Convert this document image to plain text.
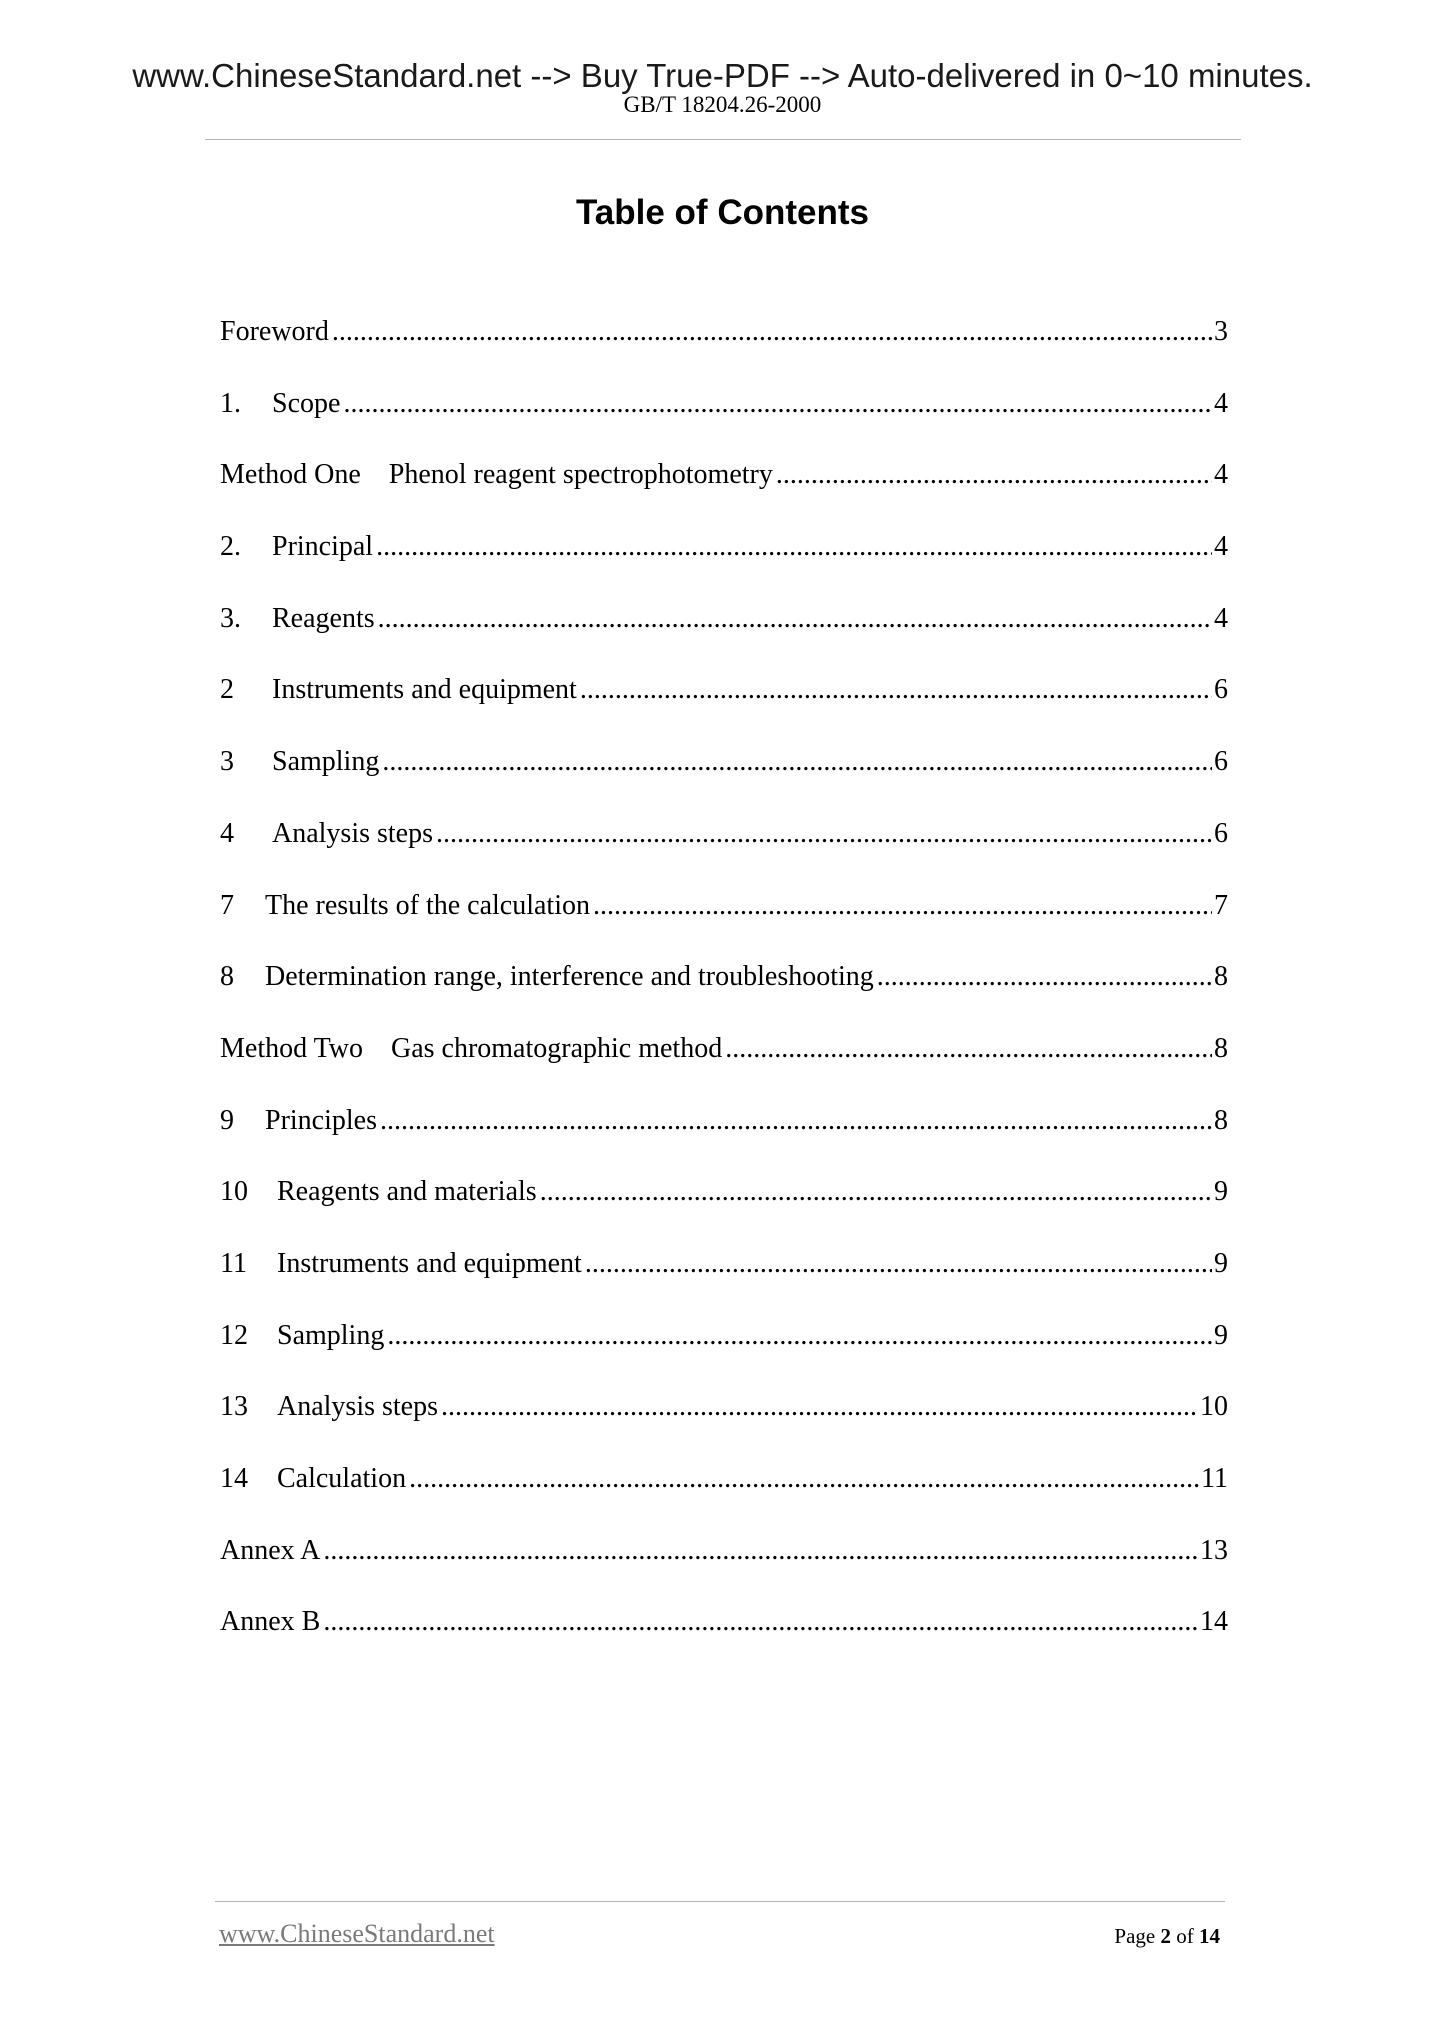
www.ChineseStandard.net --> Buy True-PDF --> Auto-delivered in 0~10 minutes.
GB/T 18204.26-2000
Table of Contents
Foreword .....	3
1.	Scope .....	4
Method One Phenol reagent spectrophotometry .....	4
2.	Principal .....	4
3.	Reagents .....	4
2	Instruments and equipment .....	6
3	Sampling .....	6
4	Analysis steps .....	6
7	The results of the calculation .....	7
8	Determination range, interference and troubleshooting .....	8
Method Two Gas chromatographic method .....	8
9	Principles .....	8
10	Reagents and materials .....	9
11	Instruments and equipment .....	9
12	Sampling .....	9
13	Analysis steps .....	10
14	Calculation .....	11
Annex A .....	13
Annex B .....	14
www.ChineseStandard.net	Page 2 of 14
